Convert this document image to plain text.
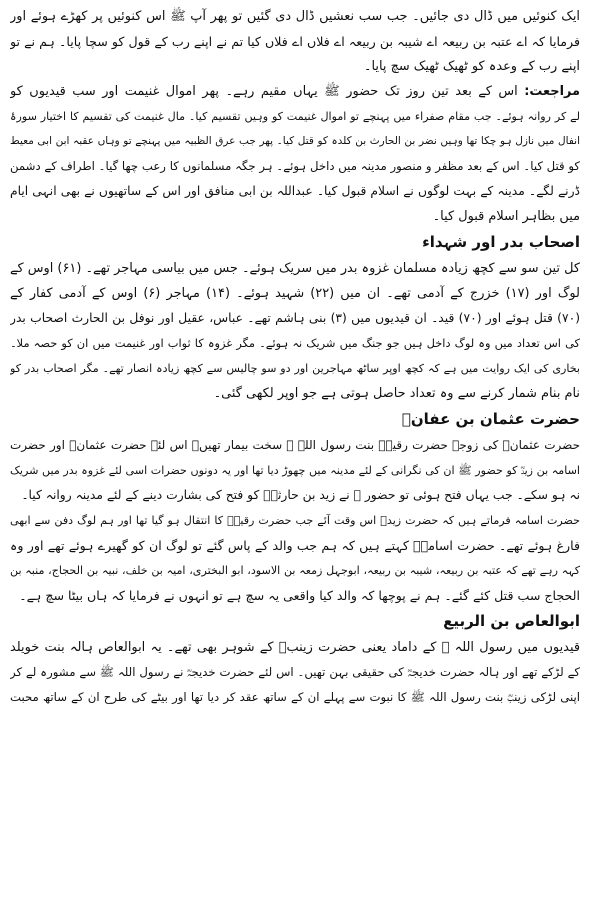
ایک کنوئیں میں ڈال دی جائیں۔ جب سب نعشیں ڈال دی گئیں تو پھر آپ ﷺ اس کنوئیں پر کھڑے ہوئے اور
فرمایا کہ اے عتبہ بن ربیعہ اے شیبہ بن ربیعہ اے فلاں اے فلاں کیا تم نے اپنے رب کے قول کو سچا پایا۔ ہم نے تو
اپنے رب کے وعدہ کو ٹھیک ٹھیک سچ پایا۔
مراجعت: اس کے بعد تین روز تک حضور ﷺ یہاں مقیم رہے۔ پھر اموال غنیمت اور سب قیدیوں کو
لے کر روانہ ہوئے۔ جب مقام صفراء میں پہنچے تو اموال غنیمت کو وہیں تقسیم کیا۔ مال غنیمت کی تقسیم کا اختیار سورۂ
انفال میں نازل ہو چکا تھا وہیں نضر بن الحارث بن کلدہ کو قتل کیا۔ پھر جب عرق الظبیہ میں پہنچے تو وہاں عقبہ ابن ابی معیط
کو قتل کیا۔ اس کے بعد مظفر و منصور مدینہ میں داخل ہوئے۔ ہر جگہ مسلمانوں کا رعب چھا گیا۔ اطراف کے دشمن
ڈرنے لگے۔ مدینہ کے بہت لوگوں نے اسلام قبول کیا۔ عبداللہ بن ابی منافق اور اس کے ساتھیوں نے بھی انہی ایام
میں بظاہر اسلام قبول کیا۔
اصحاب بدر اور شہداء
کل تین سو سے کچھ زیادہ مسلمان غزوہ بدر میں سریک ہوئے۔ جس میں بیاسی مہاجر تھے۔ (۶۱) اوس کے
لوگ اور (۱۷) خزرج کے آدمی تھے۔ ان میں (۲۲) شہید ہوئے۔ (۱۴) مہاجر (۶) اوس کے آدمی کفار کے
(۷۰) قتل ہوئے اور (۷۰) قید۔ ان قیدیوں میں (۳) بنی ہاشم تھے۔ عباس، عقیل اور نوفل بن الحارث اصحاب بدر
کی اس تعداد میں وہ لوگ داخل ہیں جو جنگ میں شریک نہ ہوئے۔ مگر غزوہ کا ثواب اور غنیمت میں ان کو حصہ ملا۔
بخاری کی ایک روایت میں ہے کہ کچھ اوپر ساٹھ مہاجرین اور دو سو چالیس سے کچھ زیادہ انصار تھے۔ مگر اصحاب بدر کو
نام بنام شمار کرنے سے وہ تعداد حاصل ہوتی ہے جو اوپر لکھی گئی۔
حضرت عثمان بن عفانؓ
حضرت عثمانؓ کی زوجہ حضرت رقیہؓ بنت رسول اللہ ﷺ سخت بیمار تھیں۔ اس لئے حضرت عثمانؓ اور حضرت
اسامہ بن زیدؓ کو حضور ﷺ ان کی نگرانی کے لئے مدینہ میں چھوڑ دیا تھا اور یہ دونوں حضرات اسی لئے غزوہ بدر میں شریک
نہ ہو سکے۔ جب یہاں فتح ہوئی تو حضور ﷺ نے زید بن حارثہؓ کو فتح کی بشارت دینے کے لئے مدینہ روانہ کیا۔
حضرت اسامہ فرماتے ہیں کہ حضرت زیدؓ اس وقت آئے جب حضرت رقیہؓ کا انتقال ہو گیا تھا اور ہم لوگ دفن سے ابھی
فارغ ہوئے تھے۔ حضرت اسامہؓ کہتے ہیں کہ ہم جب والد کے پاس گئے تو لوگ ان کو گھیرے ہوئے تھے اور وہ
کہہ رہے تھے کہ عتبہ بن ربیعہ، شیبہ بن ربیعہ، ابوجہل زمعہ بن الاسود، ابو البختری، امیہ بن خلف، نبیہ بن الحجاج، منبہ بن
الحجاج سب قتل کئے گئے۔ ہم نے پوچھا کہ والد کیا واقعی یہ سچ ہے تو انہوں نے فرمایا کہ ہاں بیٹا سچ ہے۔
ابوالعاص بن الربیع
قیدیوں میں رسول اللہ ﷺ کے داماد یعنی حضرت زینبؓ کے شوہر بھی تھے۔ یہ ابوالعاص ہالہ بنت خویلد
کے لڑکے تھے اور ہالہ حضرت خدیجہؓ کی حقیقی بہن تھیں۔ اس لئے حضرت خدیجہؓ نے رسول اللہ ﷺ سے مشورہ لے کر
اپنی لڑکی زینبؓ بنت رسول اللہ ﷺ کا نبوت سے پہلے ان کے ساتھ عقد کر دیا تھا اور بیٹے کی طرح ان کے ساتھ محبت
